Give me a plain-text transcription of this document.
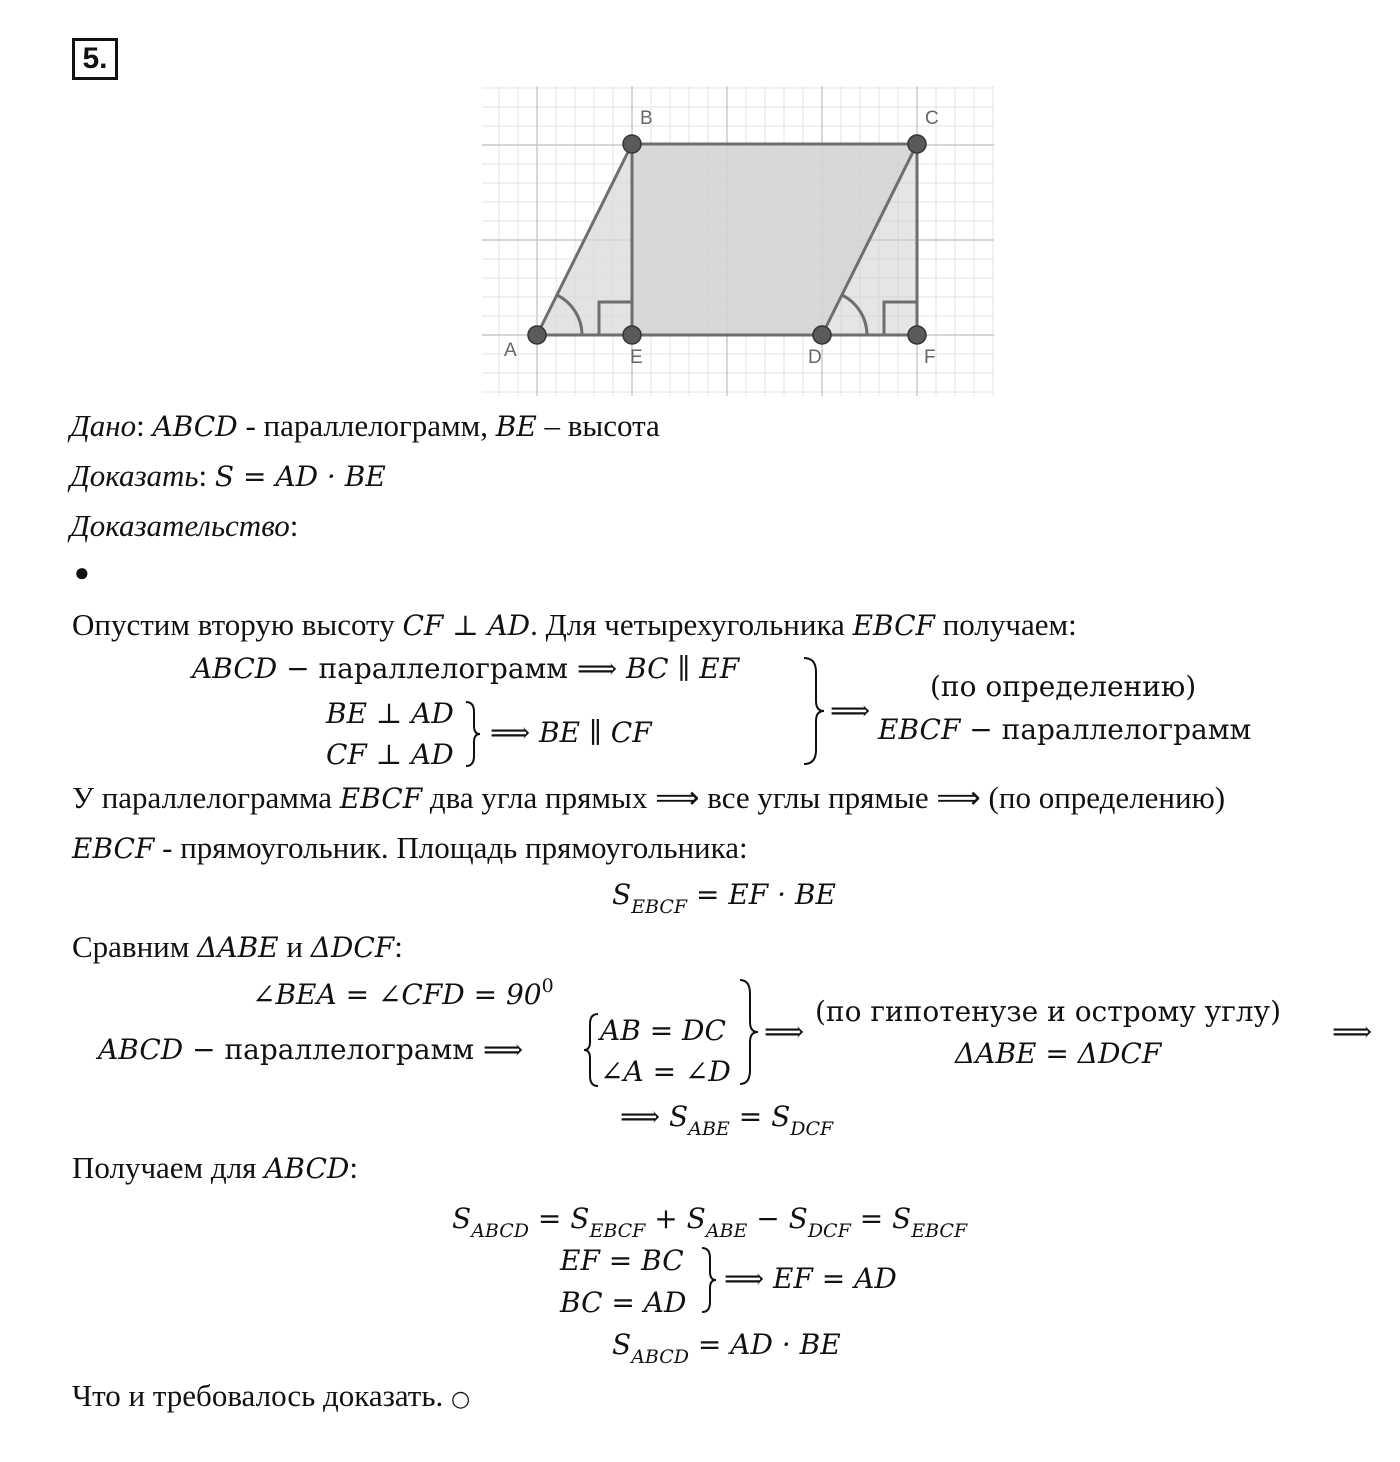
5.
B	C
A	E	D	F
Дано: ABCD - параллелограмм, BE – высота
Доказать: S = AD · BE
Доказательство:
●
Опустим вторую высоту CF ⊥ AD. Для четырехугольника EBCF получаем:
ABCD − параллелограмм ⟹ BC ∥ EF
BE ⊥ AD
CF ⊥ AD
⟹ BE ∥ CF
⟹
(по определению)
EBCF − параллелограмм
У параллелограмма EBCF два угла прямых ⟹ все углы прямые ⟹ (по определению)
EBCF - прямоугольник. Площадь прямоугольника:
$S_{EBCF}$ = EF · BE
Сравним ΔABE и ΔDCF:
∠BEA = ∠CFD = $90^0$
ABCD − параллелограмм ⟹
AB = DC
∠A = ∠D
⟹
(по гипотенузе и острому углу)
ΔABE = ΔDCF
⟹
⟹ $S_{ABE} = S_{DCF}$
Получаем для ABCD:
$S_{ABCD} = S_{EBCF} + S_{ABE} - S_{DCF} = S_{EBCF}$
EF = BC
BC = AD
⟹ EF = AD
$S_{ABCD}$ = AD · BE
Что и требовалось доказать. ○
